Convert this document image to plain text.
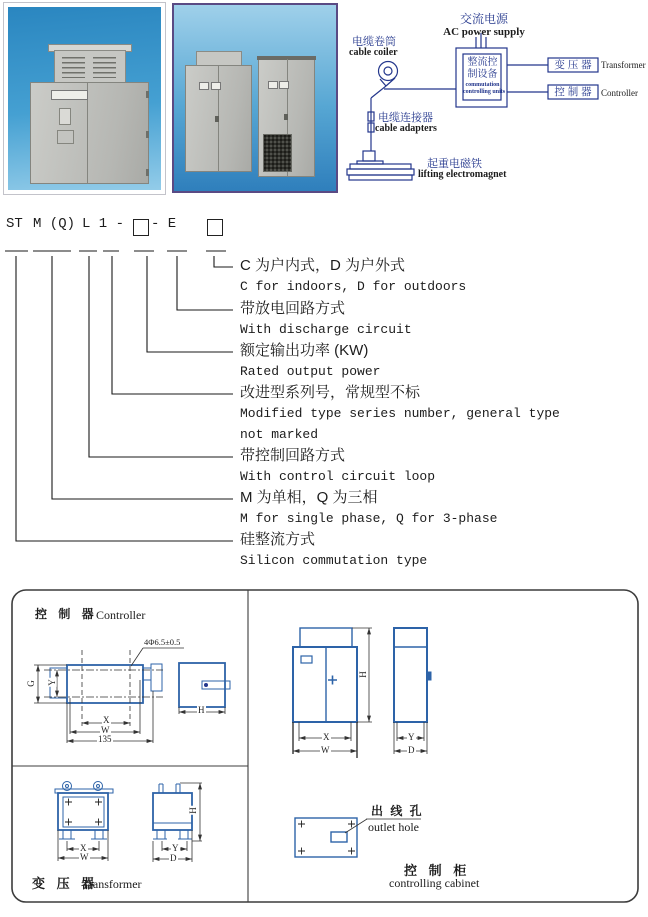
交流电源
AC power supply
电缆卷筒
cable coiler
整流控
制设备
commutation
controlling units
变 压 器	Transformer
控 制 器	Controller
电缆连接器
cable adapters
起重电磁铁
lifting electromagnet
ST M (Q) L 1 - - E
C 为户内式，D 为户外式
C for indoors, D for outdoors
带放电回路方式
With discharge circuit
额定输出功率 (KW)
Rated output power
改进型系列号，常规型不标
Modified type series number, general type
not marked
带控制回路方式
With control circuit loop
M 为单相，Q 为三相
M for single phase, Q for 3-phase
硅整流方式
Silicon commutation type
控 制 器
Controller
4Φ6.5±0.5
G Y
X
W
135
H
变 压 器
Transformer
X
W
Y
D
H
H
X
W
Y
D
出 线 孔
outlet hole
控 制 柜
controlling cabinet
